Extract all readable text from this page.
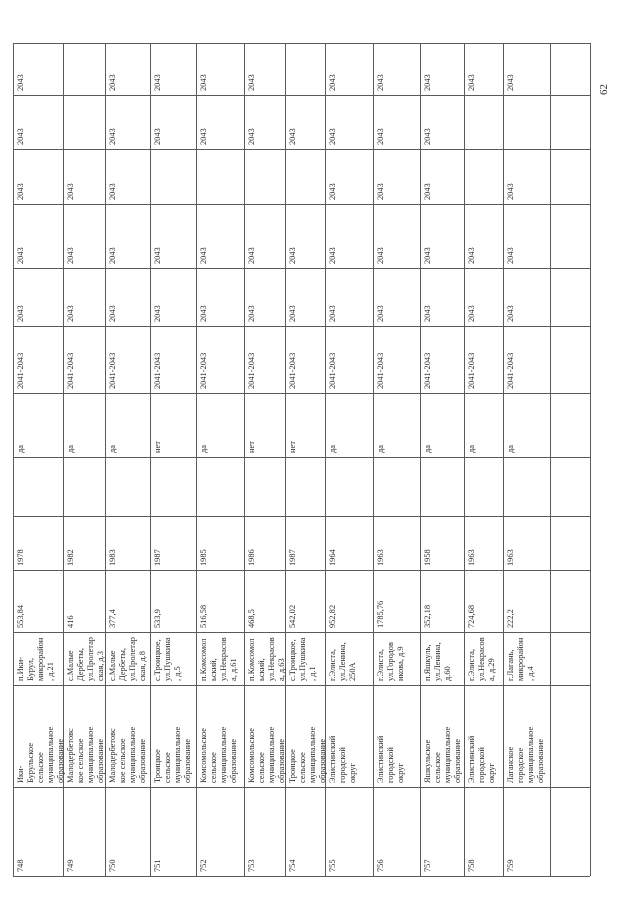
748
Ики-
Бурульское
сельское
муниципальное
образование
п.Ики-
Бурул,
микрорайон
, д.21
553,84
1978
да
2041-2043
2043
2043
2043
2043
2043
749
Малодербетовс
кое сельское
муниципальное
образование
с.Малые
Дербеты,
ул.Пролетар
ская, д.3
416
1982
да
2041-2043
2043
2043
2043
750
Малодербетовс
кое сельское
муниципальное
образование
с.Малые
Дербеты,
ул.Пролетар
ская, д.8
377,4
1983
да
2041-2043
2043
2043
2043
2043
2043
751
Троицкое
сельское
муниципальное
образование
с.Троицкое,
ул.Пушкина
, д.5
533,9
1987
нет
2041-2043
2043
2043
2043
2043
752
Комсомольское
сельское
муниципальное
образование
п.Комсомол
ьский,
ул.Некрасов
а, д.61
516,58
1985
да
2041-2043
2043
2043
2043
2043
753
Комсомольское
сельское
муниципальное
образование
п.Комсомол
ьский,
ул.Некрасов
а, д.63
468,5
1986
нет
2041-2043
2043
2043
2043
2043
754
Троицкое
сельское
муниципальное
образование
с.Троицкое,
ул.Пушкина
, д.1
542,02
1987
нет
2041-2043
2043
2043
2043
755
Элистинский
городской
округ
г.Элиста,
ул.Ленина,
250А
952,82
1964
да
2041-2043
2043
2043
2043
2043
2043
756
Элистинский
городской
округ
г.Элиста,
ул.Городов
икова, д.9
1785,76
1963
да
2041-2043
2043
2043
2043
2043
2043
757
Яшкульское
сельское
муниципальное
образование
п.Яшкуль,
ул.Ленина,
д.60
352,18
1958
да
2041-2043
2043
2043
2043
2043
2043
758
Элистинский
городской
округ
г.Элиста,
ул.Некрасов
а, д.29
724,68
1963
да
2041-2043
2043
2043
2043
759
Лаганское
городское
муниципальное
образование
г.Лагань,
микрорайон
, д.4
222,2
1963
да
2041-2043
2043
2043
2043
2043	62
